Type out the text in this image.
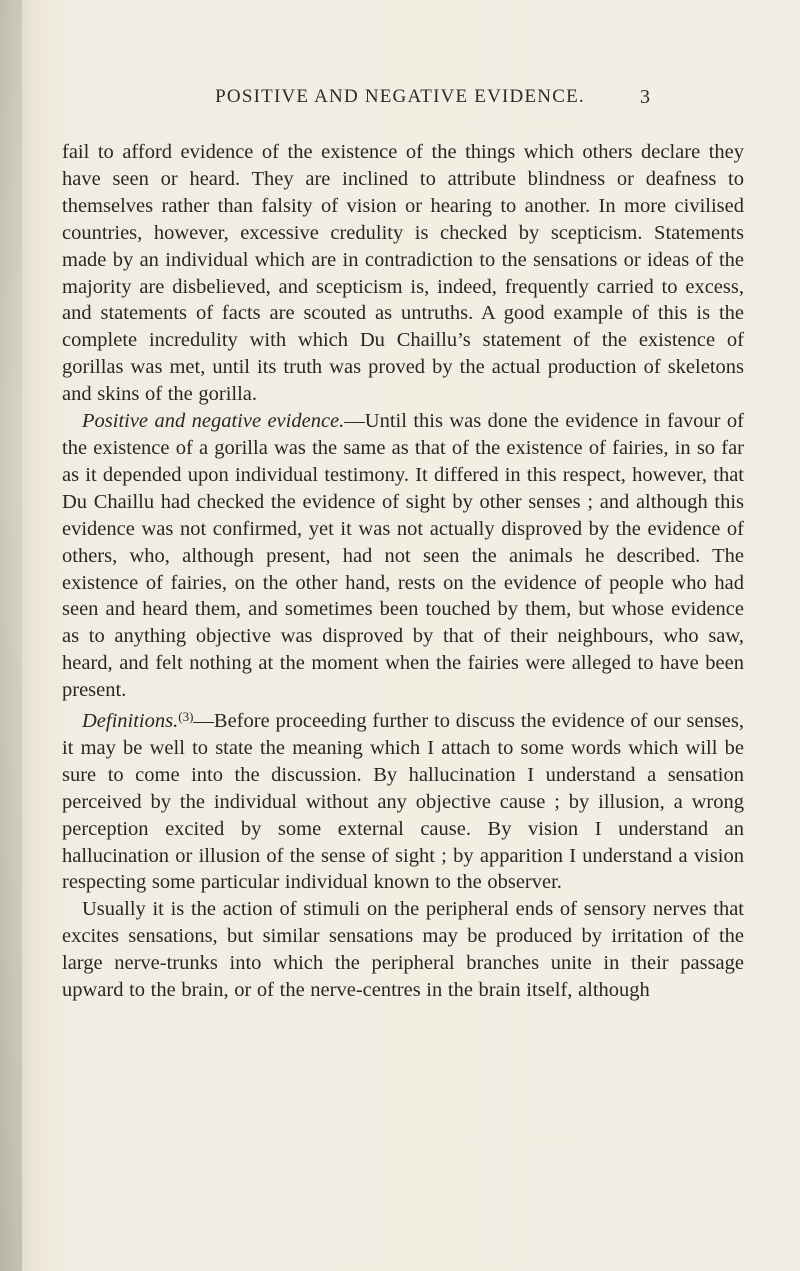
POSITIVE AND NEGATIVE EVIDENCE.	3

fail to afford evidence of the existence of the things which others declare they have seen or heard. They are inclined to attribute blindness or deafness to themselves rather than falsity of vision or hearing to another. In more civilised countries, however, excessive credulity is checked by scepticism. Statements made by an individual which are in contradiction to the sensations or ideas of the majority are disbelieved, and scepticism is, indeed, frequently carried to excess, and statements of facts are scouted as untruths. A good example of this is the complete incredulity with which Du Chaillu’s statement of the existence of gorillas was met, until its truth was proved by the actual production of skeletons and skins of the gorilla.

Positive and negative evidence.—Until this was done the evidence in favour of the existence of a gorilla was the same as that of the existence of fairies, in so far as it depended upon individual testimony. It differed in this respect, however, that Du Chaillu had checked the evidence of sight by other senses ; and although this evidence was not confirmed, yet it was not actually disproved by the evidence of others, who, although present, had not seen the animals he described. The existence of fairies, on the other hand, rests on the evidence of people who had seen and heard them, and sometimes been touched by them, but whose evidence as to anything objective was disproved by that of their neighbours, who saw, heard, and felt nothing at the moment when the fairies were alleged to have been present.

Definitions.$^{(3)}$—Before proceeding further to discuss the evidence of our senses, it may be well to state the meaning which I attach to some words which will be sure to come into the discussion. By hallucination I understand a sensation perceived by the individual without any objective cause ; by illusion, a wrong perception excited by some external cause. By vision I understand an hallucination or illusion of the sense of sight ; by apparition I understand a vision respecting some particular individual known to the observer.

Usually it is the action of stimuli on the peripheral ends of sensory nerves that excites sensations, but similar sensations may be produced by irritation of the large nerve-trunks into which the peripheral branches unite in their passage upward to the brain, or of the nerve-centres in the brain itself, although
